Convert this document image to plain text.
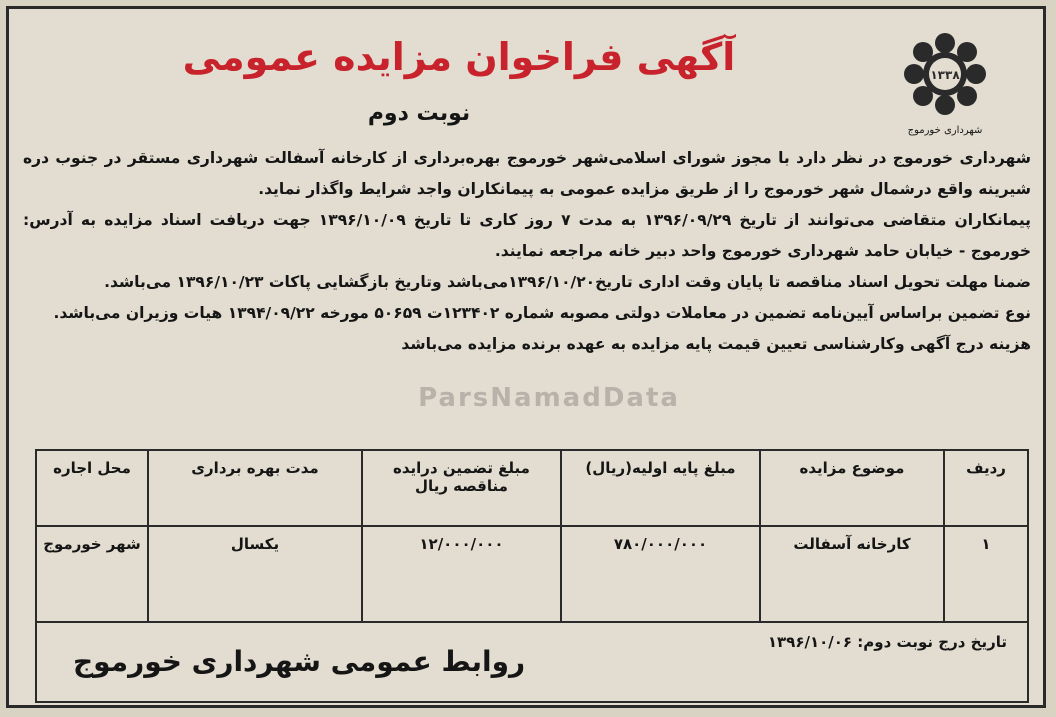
۱۳۳۸
شهرداری خورموج
آگهی فراخوان مزایده عمومی
نوبت دوم

شهرداری خورموج در نظر دارد با مجوز شورای اسلامی‌شهر خورموج بهره‌برداری از کارخانه آسفالت شهرداری مستقر در جنوب دره شیرینه واقع درشمال شهر خورموج را از طریق مزایده عمومی به پیمانکاران واجد شرایط واگذار نماید.

پیمانکاران متقاضی می‌توانند از تاریخ ۱۳۹۶/۰۹/۲۹ به مدت ۷ روز کاری تا تاریخ ۱۳۹۶/۱۰/۰۹ جهت دریافت اسناد مزایده به آدرس: خورموج - خیابان حامد شهرداری خورموج واحد دبیر خانه مراجعه نمایند.

ضمنا مهلت تحویل اسناد مناقصه تا پایان وقت اداری تاریخ۱۳۹۶/۱۰/۲۰می‌باشد وتاریخ بازگشایی پاکات ۱۳۹۶/۱۰/۲۳ می‌باشد.

نوع تضمین براساس آیین‌نامه تضمین در معاملات دولتی مصوبه شماره ۱۲۳۴۰۲ت ۵۰۶۵۹ مورخه ۱۳۹۴/۰۹/۲۲ هیات وزیران می‌باشد.

هزینه درج آگهی وکارشناسی تعیین قیمت پایه مزایده به عهده برنده مزایده می‌باشد

ParsNamadData
ردیف	موضوع مزایده	مبلغ پایه اولیه(ریال)	مبلغ تضمین درایده مناقصه ریال	مدت بهره برداری	محل اجاره
۱	کارخانه آسفالت	۷۸۰/۰۰۰/۰۰۰	۱۲/۰۰۰/۰۰۰	یکسال	شهر خورموج
تاریخ درج نوبت دوم: ۱۳۹۶/۱۰/۰۶
روابط عمومی شهرداری خورموج
